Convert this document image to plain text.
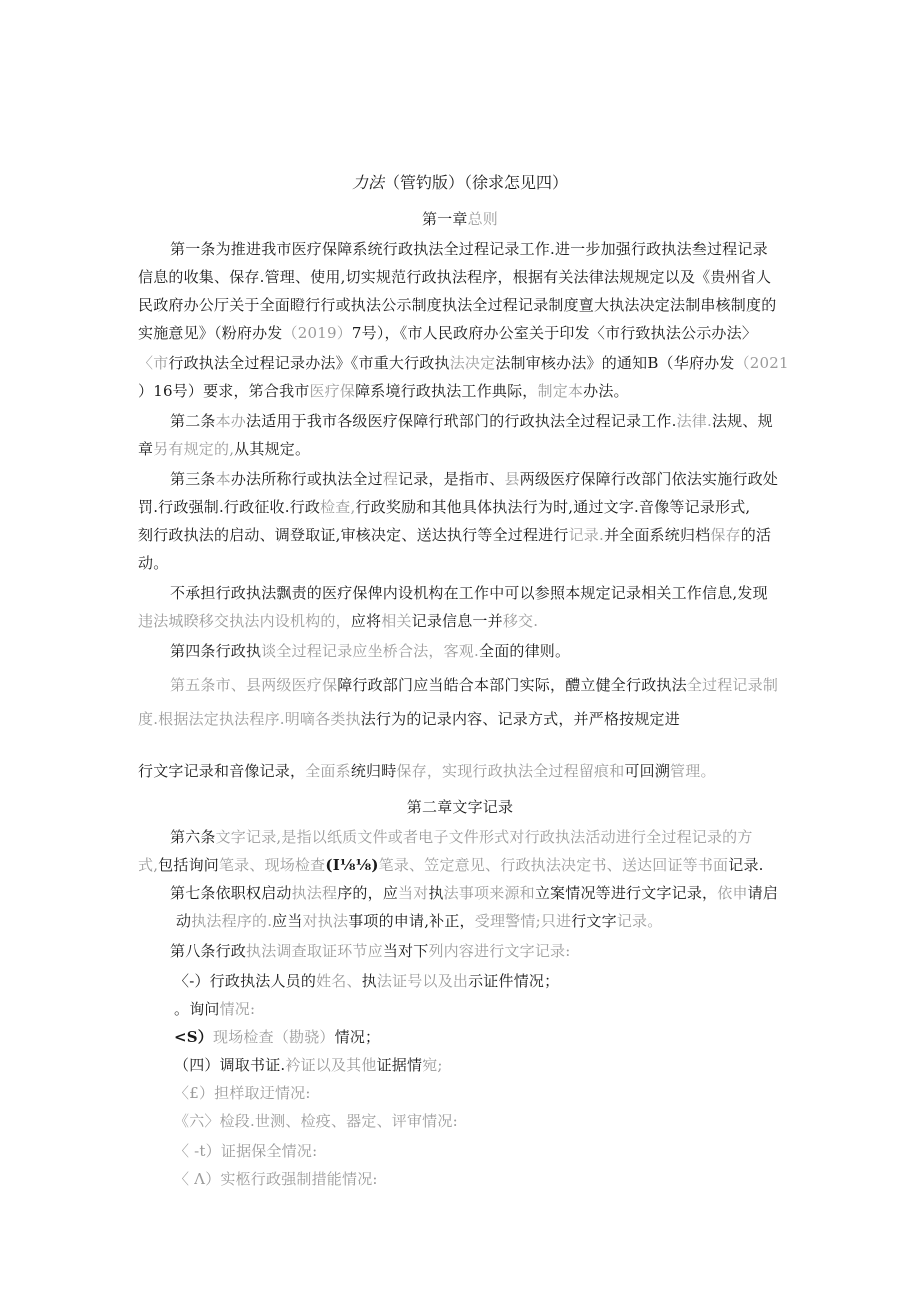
力法（管钓版）（徐求怎见四）
第一章总则
第一条为推进我市医疗保障系统行政执法全过程记录工作.进一步加强行政执法叁过程记录
信息的收集、保存.管理、使用,切实规范行政执法程序，根据有关法律法规规定以及《贵州省人
民政府办公厅关于全面瞪行行或执法公示制度执法全过程记录制度亶大执法决定法制串核制度的
实施意见》（粉府办发（2019）7号），《市人民政府办公室关于印发〈市行致执法公示办法〉
〈市行政执法全过程记录办法》《市重大行政执法决定法制审核办法》的通知B（华府办发（2021
）16号）要求，笫合我市医疗保障系境行政执法工作典际，制定本办法。
第二条本办法适用于我市各级医疗保障行玳部门的行政执法全过程记录工作.法律.法规、规
章另有规定的,从其规定。
第三条本办法所称行或执法全过程记录，是指市、县两级医疗保障行改部门依法实施行政处
罚.行政强制.行政征收.行政检查,行政奖励和其他具体执法行为时,通过文字.音像等记录形式,
刻行政执法的启动、调登取证,审核决定、送达执行等全过程进行记录.并全面系统归档保存的活
动。
不承担行政执法飘责的医疗保俾内设机构在工作中可以参照本规定记录相关工作信息,发现
违法城睽移交执法内设机构的，应将相关记录信息一并移交.
第四条行政执谈全过程记录应坐桥合法，客观.全面的律则。
第五条市、县两级医疗保障行政部门应当皓合本部门实际，醴立健全行政执法全过程记录制
度.根据法定执法程序.明嘀各类执法行为的记录内容、记录方式，并严格按规定进
行文字记录和音像记录，全面系统归畤保存，实现行政执法全过程留痕和可回溯管理。
第二章文字记录
第六条文字记录,是指以纸质文件或者电子文件形式对行政执法活动进行全过程记录的方
式,包括询问笔录、现场检查(I⅛⅛)笔录、笠定意见、行政执法决定书、送达回证等书面记录.
第七条依职权启动执法程序的，应当对执法事项来源和立案情况等进行文字记录，依申请启
动执法程序的.应当对执法事项的申请,补正，受理警情;只进行文字记录。
第八条行政执法调查取证环节应当对下列内容进行文字记录:
〈-）行政执法人员的姓名、执法证号以及出示证件情况；
。询问情况:
<S）现场检查（勘骁）情况；
（四）调取书证.衿证以及其他证据情宛;
〈£）担样取迂情况:
《六〉检段.世测、检疫、器定、评审情况:
〈 -t）证据保全情况:
〈 Λ）实柩行政强制措能情况:
